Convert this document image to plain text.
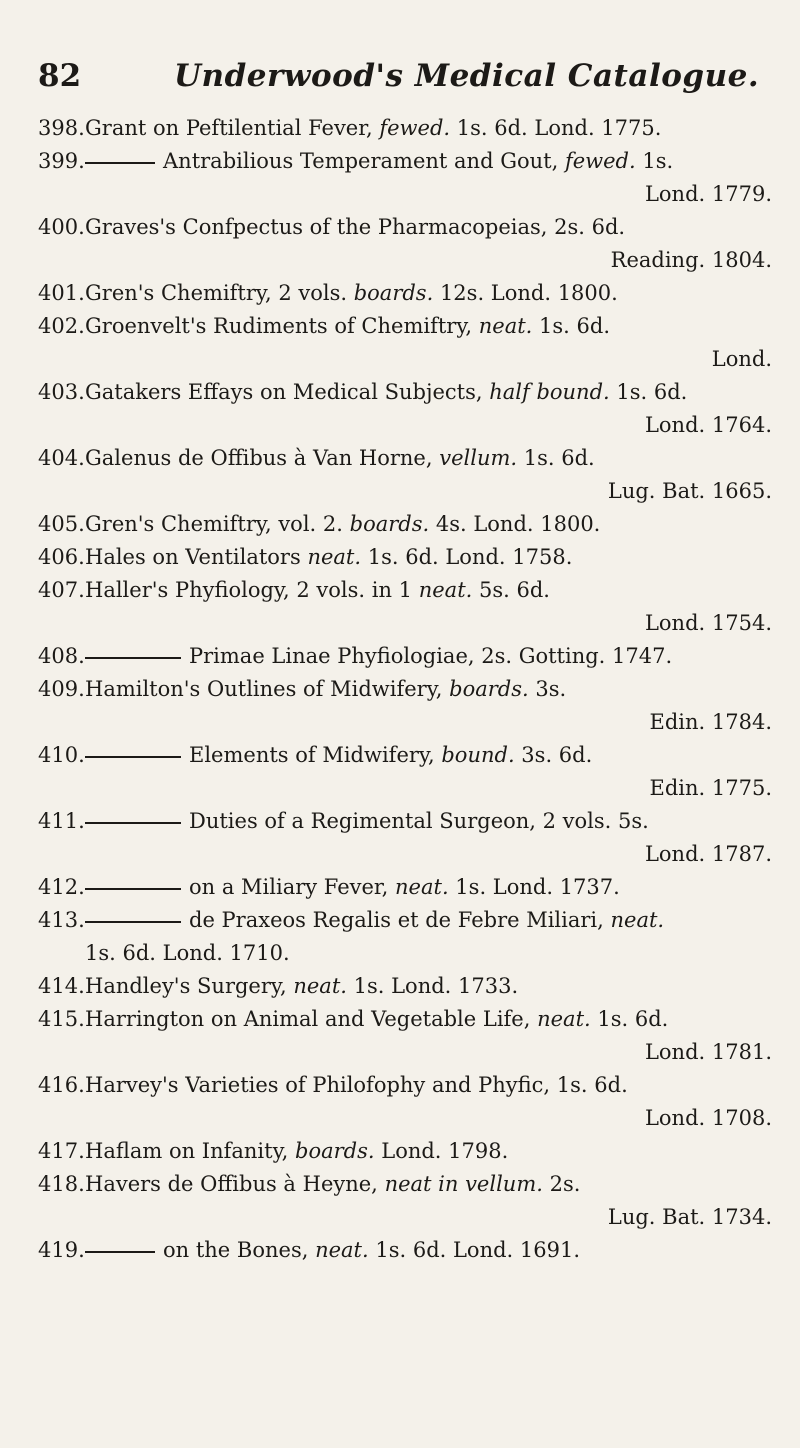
82	Underwood's Medical Catalogue.
398. Grant on Peftilential Fever, fewed. 1s. 6d. Lond. 1775.
399.	Antrabilious Temperament and Gout, fewed. 1s.
Lond. 1779.
400. Graves's Confpectus of the Pharmacopeias, 2s. 6d.
Reading. 1804.
401. Gren's Chemiftry, 2 vols. boards. 12s. Lond. 1800.
402. Groenvelt's Rudiments of Chemiftry, neat. 1s. 6d.
Lond.
403. Gatakers Effays on Medical Subjects, half bound. 1s. 6d.
Lond. 1764.
404. Galenus de Offibus à Van Horne, vellum. 1s. 6d.
Lug. Bat. 1665.
405. Gren's Chemiftry, vol. 2. boards. 4s. Lond. 1800.
406. Hales on Ventilators neat. 1s. 6d. Lond. 1758.
407. Haller's Phyfiology, 2 vols. in 1 neat. 5s. 6d.
Lond. 1754.
408.	Primae Linae Phyfiologiae, 2s. Gotting. 1747.
409. Hamilton's Outlines of Midwifery, boards. 3s.
Edin. 1784.
410.	Elements of Midwifery, bound. 3s. 6d.
Edin. 1775.
411.	Duties of a Regimental Surgeon, 2 vols. 5s.
Lond. 1787.
412.	on a Miliary Fever, neat. 1s. Lond. 1737.
413.	de Praxeos Regalis et de Febre Miliari, neat.
1s. 6d. Lond. 1710.
414. Handley's Surgery, neat. 1s. Lond. 1733.
415. Harrington on Animal and Vegetable Life, neat. 1s. 6d.
Lond. 1781.
416. Harvey's Varieties of Philofophy and Phyfic, 1s. 6d.
Lond. 1708.
417. Haflam on Infanity, boards. Lond. 1798.
418. Havers de Offibus à Heyne, neat in vellum. 2s.
Lug. Bat. 1734.
419.	on the Bones, neat. 1s. 6d. Lond. 1691.
